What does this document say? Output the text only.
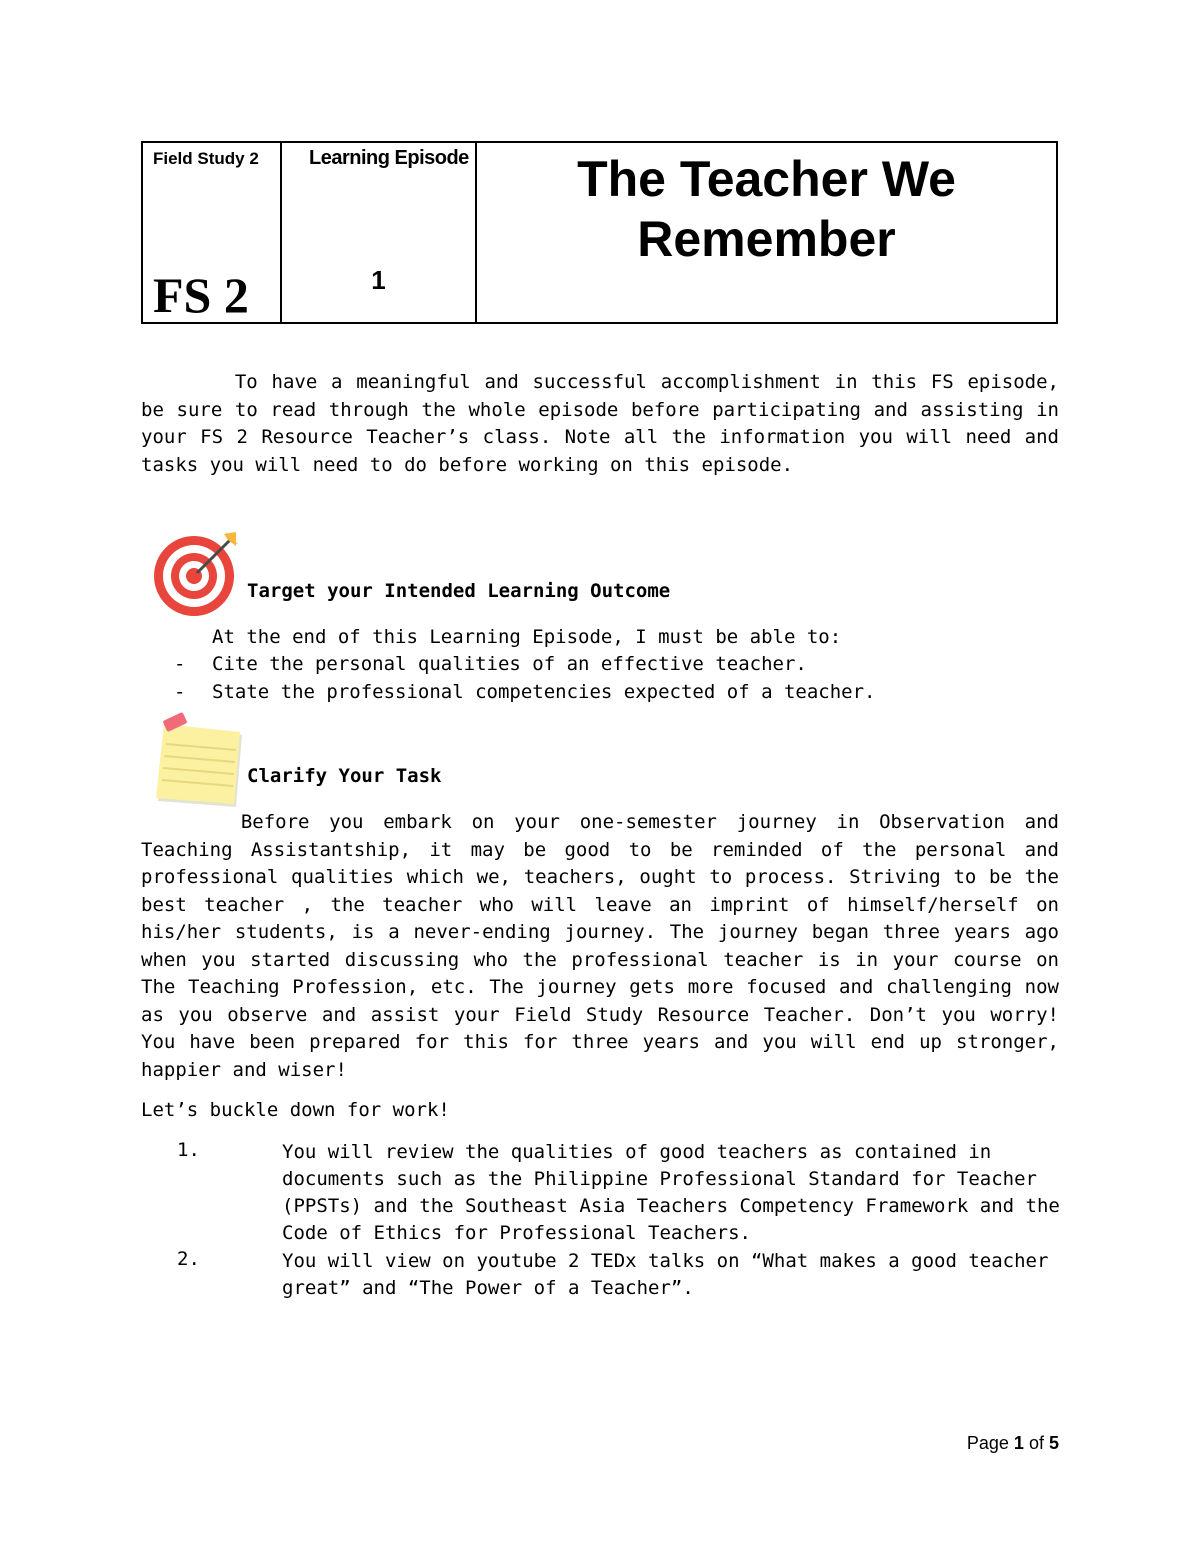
Field Study 2
FS 2
Learning Episode
1
The Teacher We
Remember

	To have a meaningful and successful accomplishment in this FS episode, be sure to read through the whole episode before participating and assisting in your FS 2 Resource Teacher’s class. Note all the information you will need and tasks you will need to do before working on this episode.

Target your Intended Learning Outcome
At the end of this Learning Episode, I must be able to:
- Cite the personal qualities of an effective teacher.
- State the professional competencies expected of a teacher.
Clarify Your Task

	Before you embark on your one-semester journey in Observation and Teaching Assistantship, it may be good to be reminded of the personal and professional qualities which we, teachers, ought to process. Striving to be the best teacher , the teacher who will leave an imprint of himself/herself on his/her students, is a never-ending journey. The journey began three years ago when you started discussing who the professional teacher is in your course on The Teaching Profession, etc. The journey gets more focused and challenging now as you observe and assist your Field Study Resource Teacher. Don’t you worry! You have been prepared for this for three years and you will end up stronger, happier and wiser!

Let’s buckle down for work!
1.	You will review the qualities of good teachers as contained in documents such as the Philippine Professional Standard for Teacher (PPSTs) and the Southeast Asia Teachers Competency Framework and the Code of Ethics for Professional Teachers.
2.	You will view on youtube 2 TEDx talks on “What makes a good teacher great” and “The Power of a Teacher”.
Page 1 of 5
